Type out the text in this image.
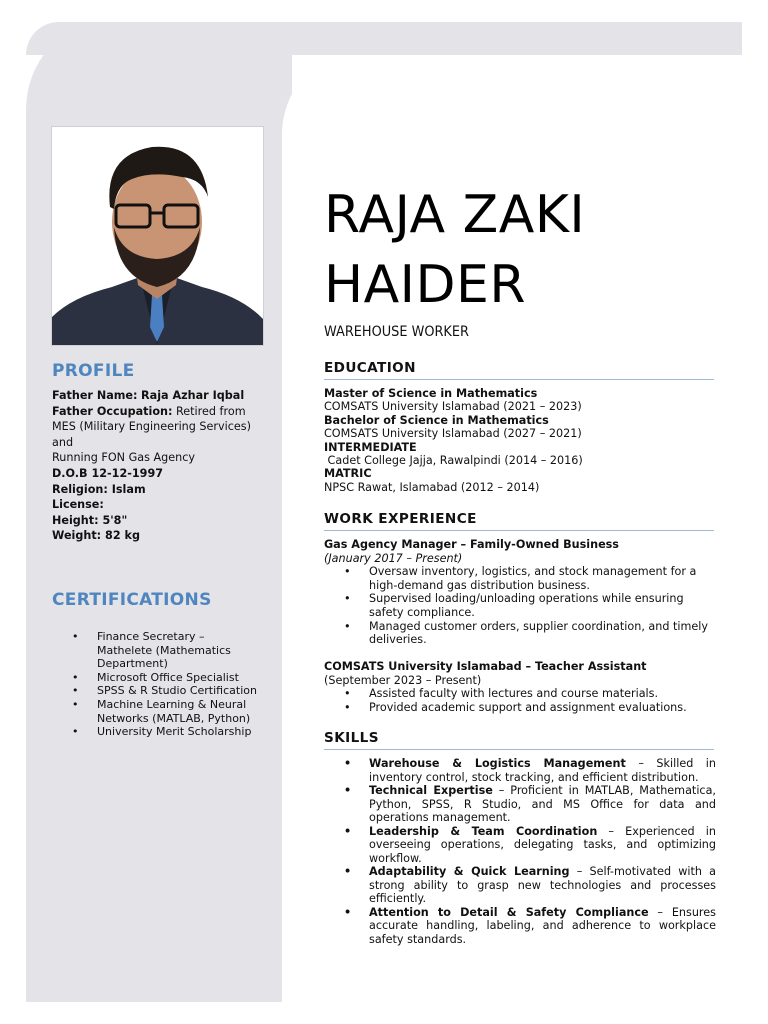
PROFILE
Father Name: Raja Azhar Iqbal
Father Occupation: Retired from
MES (Military Engineering Services)
and
Running FON Gas Agency
D.O.B 12-12-1997
Religion: Islam
License:
Height: 5'8"
Weight: 82 kg
CERTIFICATIONS
• Finance Secretary –
Mathelete (Mathematics
Department)
• Microsoft Office Specialist
• SPSS & R Studio Certification
• Machine Learning & Neural
Networks (MATLAB, Python)
• University Merit Scholarship
RAJA ZAKI
HAIDER
WAREHOUSE WORKER
EDUCATION
Master of Science in Mathematics
COMSATS University Islamabad (2021 – 2023)
Bachelor of Science in Mathematics
COMSATS University Islamabad (2027 – 2021)
INTERMEDIATE
Cadet College Jajja, Rawalpindi (2014 – 2016)
MATRIC
NPSC Rawat, Islamabad (2012 – 2014)
WORK EXPERIENCE
Gas Agency Manager – Family-Owned Business
(January 2017 – Present)
• Oversaw inventory, logistics, and stock management for a high-demand gas distribution business.
• Supervised loading/unloading operations while ensuring safety compliance.
• Managed customer orders, supplier coordination, and timely deliveries.
COMSATS University Islamabad – Teacher Assistant
(September 2023 – Present)
• Assisted faculty with lectures and course materials.
• Provided academic support and assignment evaluations.
SKILLS
• Warehouse & Logistics Management – Skilled in inventory control, stock tracking, and efficient distribution.
• Technical Expertise – Proficient in MATLAB, Mathematica, Python, SPSS, R Studio, and MS Office for data and operations management.
• Leadership & Team Coordination – Experienced in overseeing operations, delegating tasks, and optimizing workflow.
• Adaptability & Quick Learning – Self-motivated with a strong ability to grasp new technologies and processes efficiently.
• Attention to Detail & Safety Compliance – Ensures accurate handling, labeling, and adherence to workplace safety standards.
